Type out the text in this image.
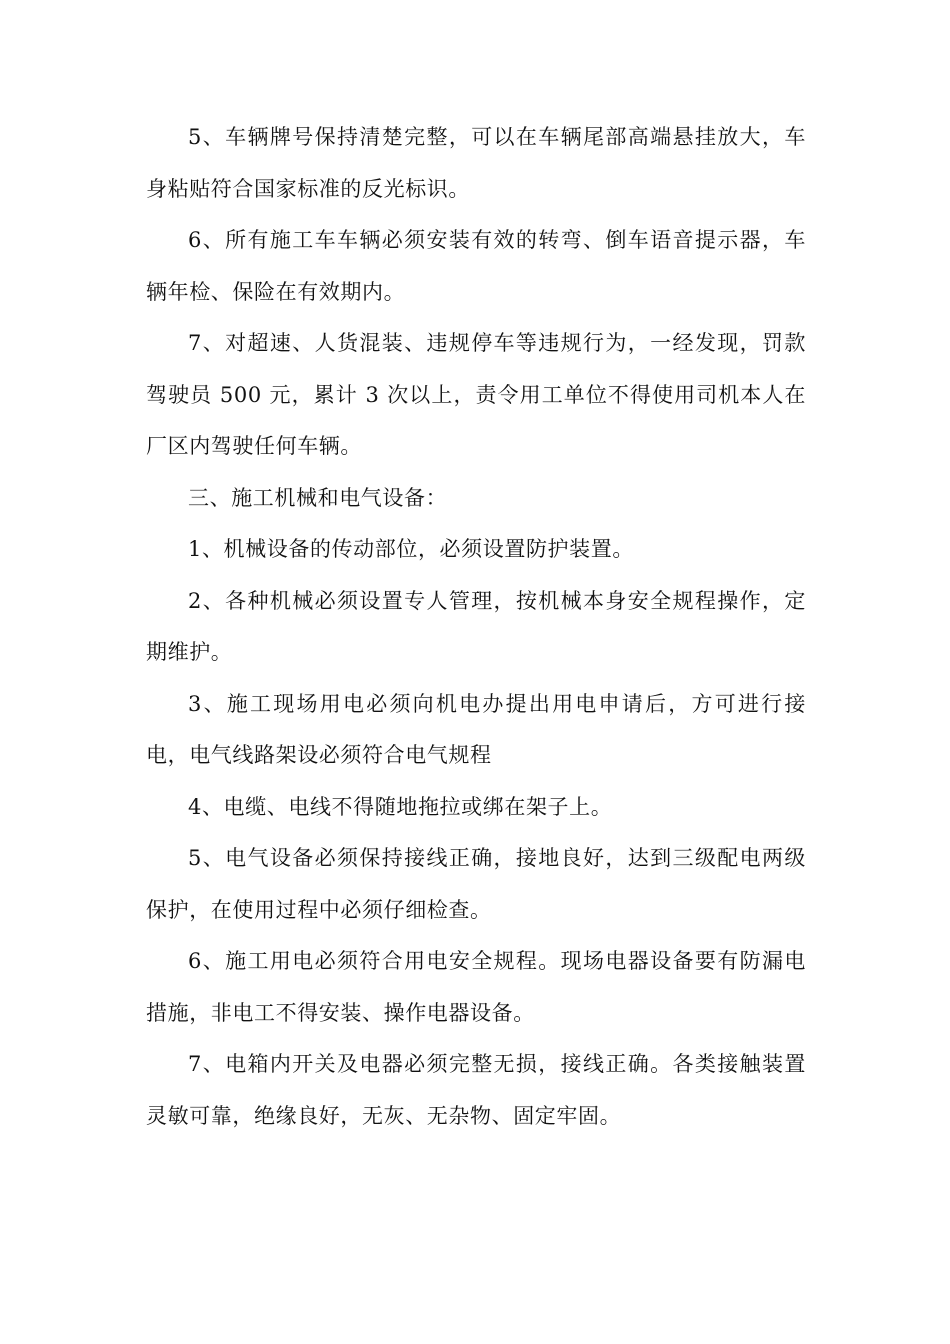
5、车辆牌号保持清楚完整，可以在车辆尾部高端悬挂放大，车身粘贴符合国家标准的反光标识。

6、所有施工车车辆必须安装有效的转弯、倒车语音提示器，车辆年检、保险在有效期内。

7、对超速、人货混装、违规停车等违规行为，一经发现，罚款驾驶员 500 元，累计 3 次以上，责令用工单位不得使用司机本人在厂区内驾驶任何车辆。

三、施工机械和电气设备：

1、机械设备的传动部位，必须设置防护装置。

2、各种机械必须设置专人管理，按机械本身安全规程操作，定期维护。

3、施工现场用电必须向机电办提出用电申请后，方可进行接电，电气线路架设必须符合电气规程

4、电缆、电线不得随地拖拉或绑在架子上。

5、电气设备必须保持接线正确，接地良好，达到三级配电两级保护，在使用过程中必须仔细检查。

6、施工用电必须符合用电安全规程。现场电器设备要有防漏电措施，非电工不得安装、操作电器设备。

7、电箱内开关及电器必须完整无损，接线正确。各类接触装置灵敏可靠，绝缘良好，无灰、无杂物、固定牢固。
